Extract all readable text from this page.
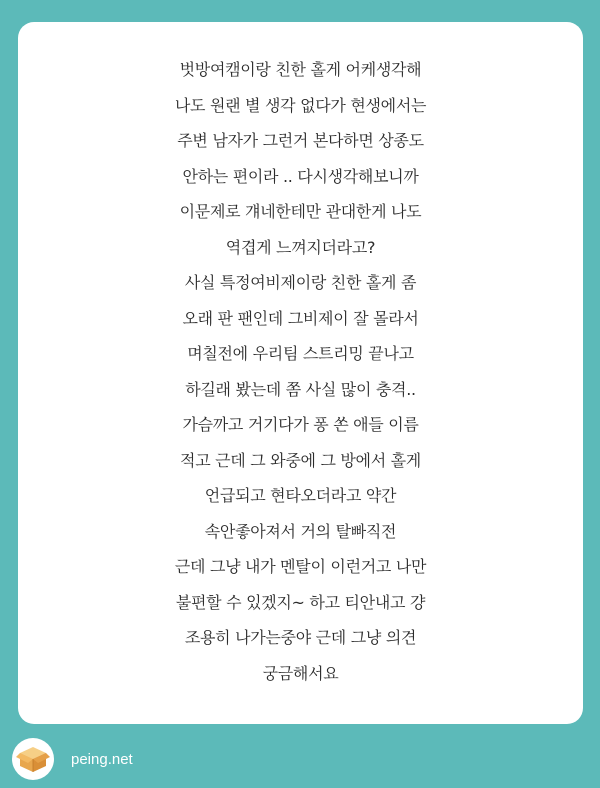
벗방여캠이랑 친한 홀게 어케생각해
나도 원랜 별 생각 없다가 현생에서는
주변 남자가 그런거 본다하면 상종도
안하는 편이라 .. 다시생각해보니까
이문제로 걔네한테만 관대한게 나도
역겹게 느껴지더라고?
사실 특정여비제이랑 친한 홀게 좀
오래 판 팬인데 그비제이 잘 몰라서
며칠전에 우리팀 스트리밍 끝나고
하길래 봤는데 쫌 사실 많이 충격..
가슴까고 거기다가 퐁 쏜 애들 이름
적고 근데 그 와중에 그 방에서 홀게
언급되고 현타오더라고 약간
속안좋아져서 거의 탈빠직전
근데 그냥 내가 멘탈이 이런거고 나만
불편할 수 있겠지~ 하고 티안내고 걍
조용히 나가는중야 근데 그냥 의견
궁금해서요
peing.net
